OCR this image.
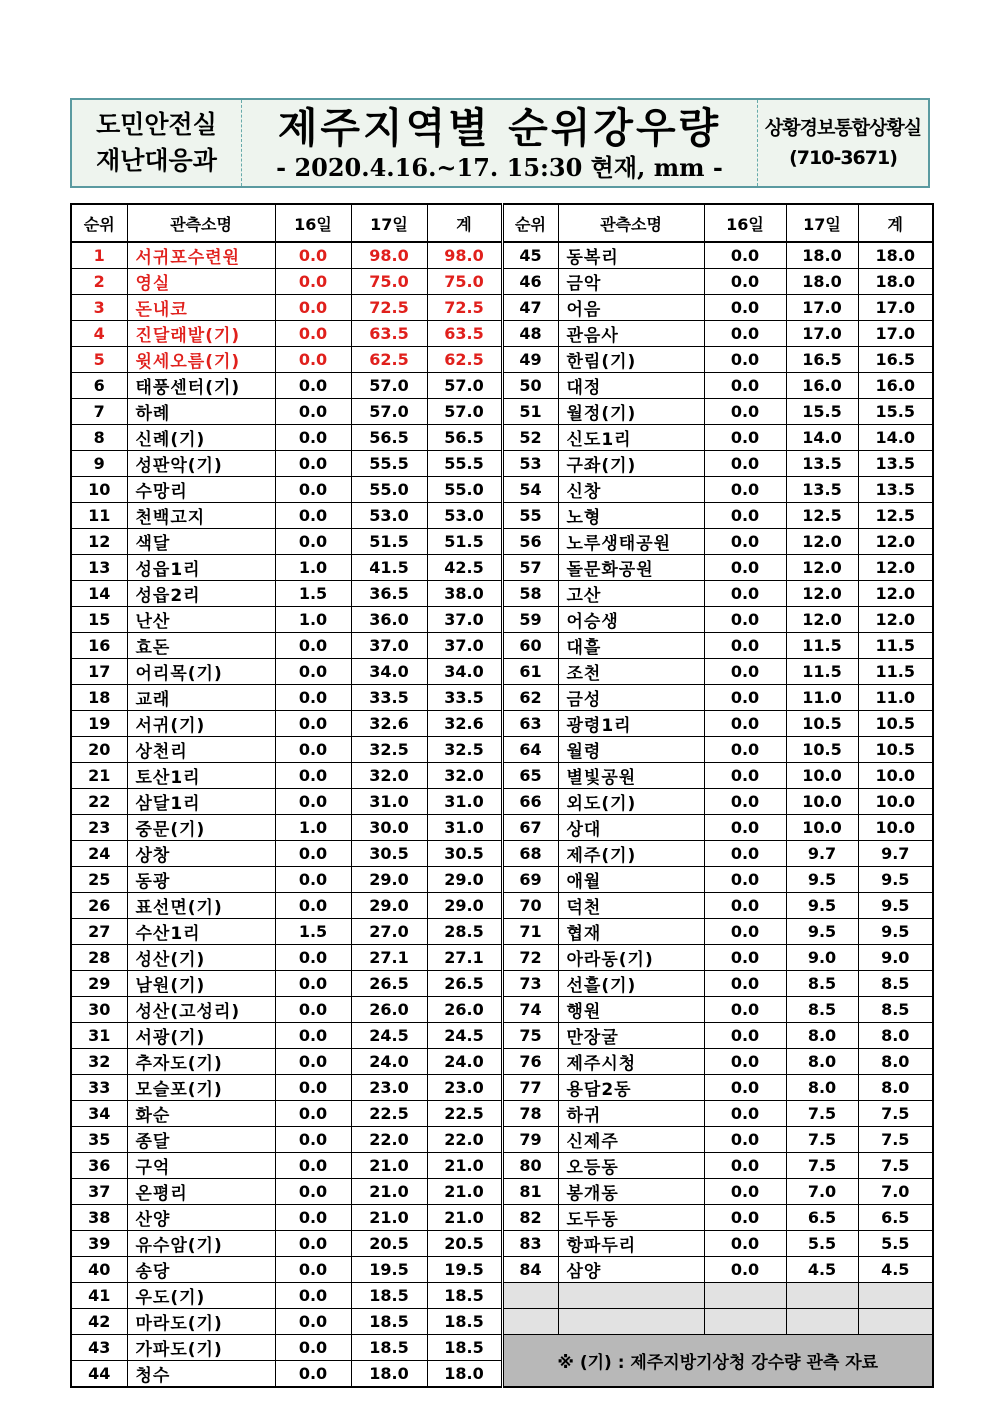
도민안전실
재난대응과
제주지역별 순위강우량
- 2020.4.16.~17. 15:30 현재, mm -
상황경보통합상황실
(710-3671)
순위	관측소명	16일	17일	계	순위	관측소명	16일	17일	계
1	서귀포수련원	0.0	98.0	98.0	45	동복리	0.0	18.0	18.0
2	영실	0.0	75.0	75.0	46	금악	0.0	18.0	18.0
3	돈내코	0.0	72.5	72.5	47	어음	0.0	17.0	17.0
4	진달래밭(기)	0.0	63.5	63.5	48	관음사	0.0	17.0	17.0
5	윗세오름(기)	0.0	62.5	62.5	49	한림(기)	0.0	16.5	16.5
6	태풍센터(기)	0.0	57.0	57.0	50	대정	0.0	16.0	16.0
7	하례	0.0	57.0	57.0	51	월정(기)	0.0	15.5	15.5
8	신례(기)	0.0	56.5	56.5	52	신도1리	0.0	14.0	14.0
9	성판악(기)	0.0	55.5	55.5	53	구좌(기)	0.0	13.5	13.5
10	수망리	0.0	55.0	55.0	54	신창	0.0	13.5	13.5
11	천백고지	0.0	53.0	53.0	55	노형	0.0	12.5	12.5
12	색달	0.0	51.5	51.5	56	노루생태공원	0.0	12.0	12.0
13	성읍1리	1.0	41.5	42.5	57	돌문화공원	0.0	12.0	12.0
14	성읍2리	1.5	36.5	38.0	58	고산	0.0	12.0	12.0
15	난산	1.0	36.0	37.0	59	어승생	0.0	12.0	12.0
16	효돈	0.0	37.0	37.0	60	대흘	0.0	11.5	11.5
17	어리목(기)	0.0	34.0	34.0	61	조천	0.0	11.5	11.5
18	교래	0.0	33.5	33.5	62	금성	0.0	11.0	11.0
19	서귀(기)	0.0	32.6	32.6	63	광령1리	0.0	10.5	10.5
20	상천리	0.0	32.5	32.5	64	월령	0.0	10.5	10.5
21	토산1리	0.0	32.0	32.0	65	별빛공원	0.0	10.0	10.0
22	삼달1리	0.0	31.0	31.0	66	외도(기)	0.0	10.0	10.0
23	중문(기)	1.0	30.0	31.0	67	상대	0.0	10.0	10.0
24	상창	0.0	30.5	30.5	68	제주(기)	0.0	9.7	9.7
25	동광	0.0	29.0	29.0	69	애월	0.0	9.5	9.5
26	표선면(기)	0.0	29.0	29.0	70	덕천	0.0	9.5	9.5
27	수산1리	1.5	27.0	28.5	71	협재	0.0	9.5	9.5
28	성산(기)	0.0	27.1	27.1	72	아라동(기)	0.0	9.0	9.0
29	남원(기)	0.0	26.5	26.5	73	선흘(기)	0.0	8.5	8.5
30	성산(고성리)	0.0	26.0	26.0	74	행원	0.0	8.5	8.5
31	서광(기)	0.0	24.5	24.5	75	만장굴	0.0	8.0	8.0
32	추자도(기)	0.0	24.0	24.0	76	제주시청	0.0	8.0	8.0
33	모슬포(기)	0.0	23.0	23.0	77	용담2동	0.0	8.0	8.0
34	화순	0.0	22.5	22.5	78	하귀	0.0	7.5	7.5
35	종달	0.0	22.0	22.0	79	신제주	0.0	7.5	7.5
36	구억	0.0	21.0	21.0	80	오등동	0.0	7.5	7.5
37	온평리	0.0	21.0	21.0	81	봉개동	0.0	7.0	7.0
38	산양	0.0	21.0	21.0	82	도두동	0.0	6.5	6.5
39	유수암(기)	0.0	20.5	20.5	83	항파두리	0.0	5.5	5.5
40	송당	0.0	19.5	19.5	84	삼양	0.0	4.5	4.5
41	우도(기)	0.0	18.5	18.5					
42	마라도(기)	0.0	18.5	18.5					
43	가파도(기)	0.0	18.5	18.5	※ (기) : 제주지방기상청 강수량 관측 자료				
44	청수	0.0	18.0	18.0					
